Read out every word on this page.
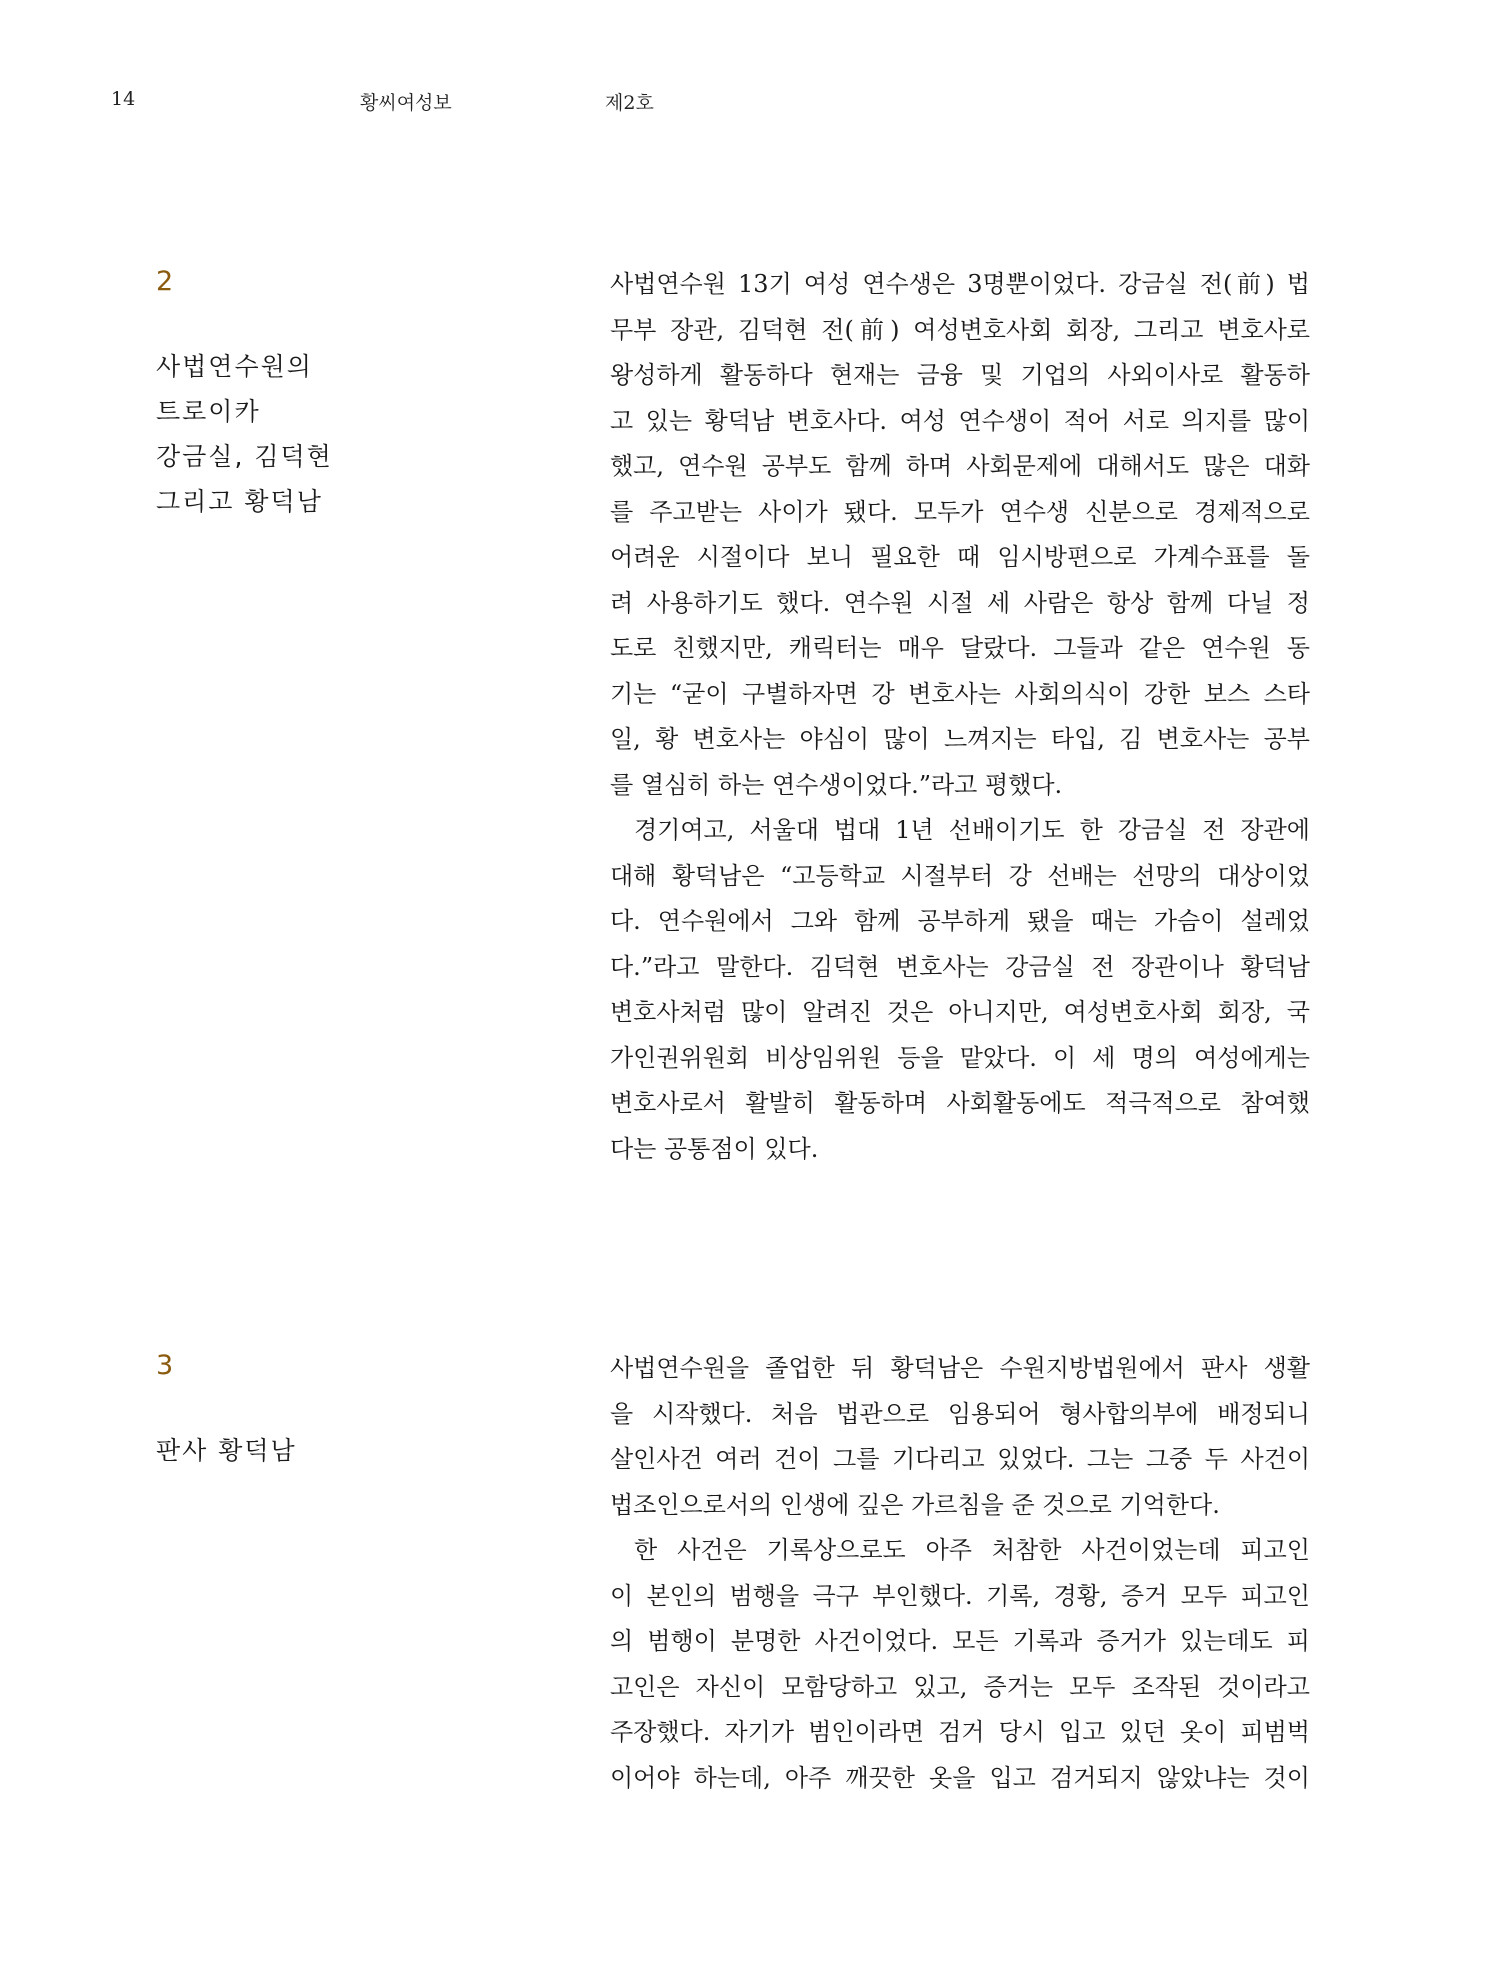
14	황씨여성보	제2호
2
사법연수원의
트로이카
강금실, 김덕현
그리고 황덕남
사법연수원 13기 여성 연수생은 3명뿐이었다. 강금실 전(前) 법
무부 장관, 김덕현 전(前) 여성변호사회 회장, 그리고 변호사로
왕성하게 활동하다 현재는 금융 및 기업의 사외이사로 활동하
고 있는 황덕남 변호사다. 여성 연수생이 적어 서로 의지를 많이
했고, 연수원 공부도 함께 하며 사회문제에 대해서도 많은 대화
를 주고받는 사이가 됐다. 모두가 연수생 신분으로 경제적으로
어려운 시절이다 보니 필요한 때 임시방편으로 가계수표를 돌
려 사용하기도 했다. 연수원 시절 세 사람은 항상 함께 다닐 정
도로 친했지만, 캐릭터는 매우 달랐다. 그들과 같은 연수원 동
기는 “굳이 구별하자면 강 변호사는 사회의식이 강한 보스 스타
일, 황 변호사는 야심이 많이 느껴지는 타입, 김 변호사는 공부
를 열심히 하는 연수생이었다.”라고 평했다.
경기여고, 서울대 법대 1년 선배이기도 한 강금실 전 장관에
대해 황덕남은 “고등학교 시절부터 강 선배는 선망의 대상이었
다. 연수원에서 그와 함께 공부하게 됐을 때는 가슴이 설레었
다.”라고 말한다. 김덕현 변호사는 강금실 전 장관이나 황덕남
변호사처럼 많이 알려진 것은 아니지만, 여성변호사회 회장, 국
가인권위원회 비상임위원 등을 맡았다. 이 세 명의 여성에게는
변호사로서 활발히 활동하며 사회활동에도 적극적으로 참여했
다는 공통점이 있다.
3
판사 황덕남
사법연수원을 졸업한 뒤 황덕남은 수원지방법원에서 판사 생활
을 시작했다. 처음 법관으로 임용되어 형사합의부에 배정되니
살인사건 여러 건이 그를 기다리고 있었다. 그는 그중 두 사건이
법조인으로서의 인생에 깊은 가르침을 준 것으로 기억한다.
한 사건은 기록상으로도 아주 처참한 사건이었는데 피고인
이 본인의 범행을 극구 부인했다. 기록, 경황, 증거 모두 피고인
의 범행이 분명한 사건이었다. 모든 기록과 증거가 있는데도 피
고인은 자신이 모함당하고 있고, 증거는 모두 조작된 것이라고
주장했다. 자기가 범인이라면 검거 당시 입고 있던 옷이 피범벅
이어야 하는데, 아주 깨끗한 옷을 입고 검거되지 않았냐는 것이
